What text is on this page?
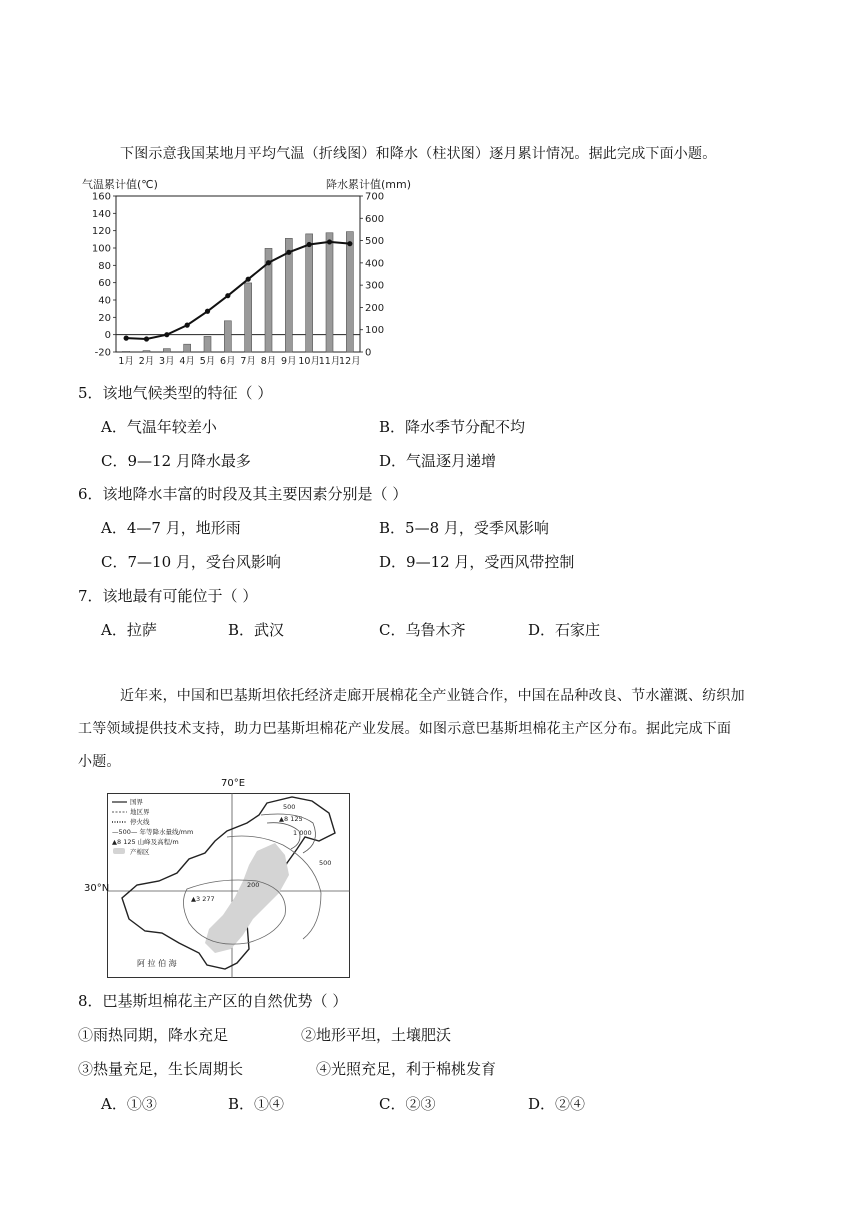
下图示意我国某地月平均气温（折线图）和降水（柱状图）逐月累计情况。据此完成下面小题。
气温累计值(℃)	降水累计值(mm)
-20
0
20
40
60
80
100
120
140
160
0
100
200
300
400
500
600
700
1月 2月 3月 4月 5月 6月 7月 8月 9月 10月
11月
12月
5．该地气候类型的特征（ ）
A．气温年较差小	B．降水季节分配不均
C．9—12 月降水最多	D．气温逐月递增
6．该地降水丰富的时段及其主要因素分别是（ ）
A．4—7 月，地形雨	B．5—8 月，受季风影响
C．7—10 月，受台风影响	D．9—12 月，受西风带控制
7．该地最有可能位于（ ）
A．拉萨	B．武汉	C．乌鲁木齐	D．石家庄
近年来，中国和巴基斯坦依托经济走廊开展棉花全产业链合作，中国在品种改良、节水灌溉、纺织加
工等领域提供技术支持，助力巴基斯坦棉花产业发展。如图示意巴基斯坦棉花主产区分布。据此完成下面
小题。
国界
地区界
停火线
—500— 年等降水量线/mm
▲8 125 山峰及高程/m
产棉区
▲8 125
▲3 277
500
1 000
500
200
阿 拉 伯 海
70°E
30°N
8．巴基斯坦棉花主产区的自然优势（ ）
①雨热同期，降水充足	②地形平坦，土壤肥沃
③热量充足，生长周期长	④光照充足，利于棉桃发育
A．①③	B．①④	C．②③	D．②④
